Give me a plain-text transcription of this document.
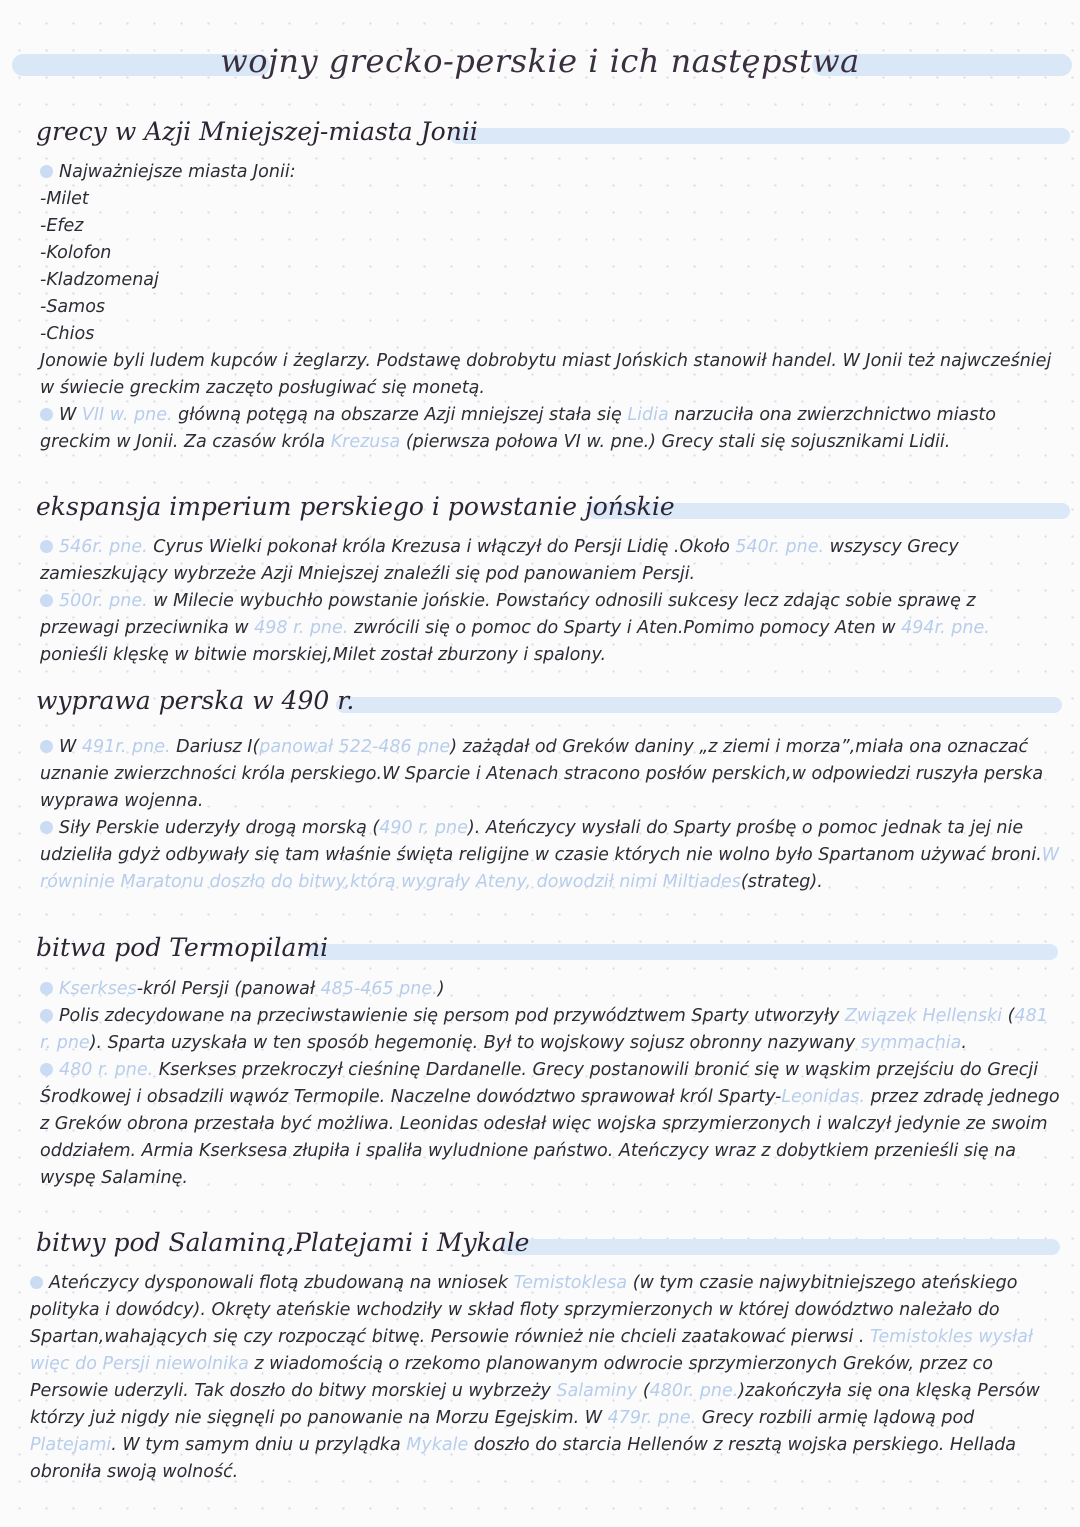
wojny grecko-perskie i ich następstwa
grecy w Azji Mniejszej-miasta Jonii

Najważniejsze miasta Jonii:

-Milet

-Efez

-Kolofon

-Kladzomenaj

-Samos

-Chios

Jonowie byli ludem kupców i żeglarzy. Podstawę dobrobytu miast Jońskich stanowił handel. W Jonii też najwcześniej w świecie greckim zaczęto posługiwać się monetą.

W VII w. pne. główną potęgą na obszarze Azji mniejszej stała się Lidia narzuciła ona zwierzchnictwo miasto greckim w Jonii. Za czasów króla Krezusa (pierwsza połowa VI w. pne.) Grecy stali się sojusznikami Lidii.

ekspansja imperium perskiego i powstanie jońskie

546r. pne. Cyrus Wielki pokonał króla Krezusa i włączył do Persji Lidię .Około 540r. pne. wszyscy Grecy zamieszkujący wybrzeże Azji Mniejszej znaleźli się pod panowaniem Persji.

500r. pne. w Milecie wybuchło powstanie jońskie. Powstańcy odnosili sukcesy lecz zdając sobie sprawę z przewagi przeciwnika w 498 r. pne. zwrócili się o pomoc do Sparty i Aten.Pomimo pomocy Aten w 494r. pne. ponieśli klęskę w bitwie morskiej,Milet został zburzony i spalony.

wyprawa perska w 490 r.

W 491r. pne. Dariusz I(panował 522-486 pne) zażądał od Greków daniny „z ziemi i morza”,miała ona oznaczać uznanie zwierzchności króla perskiego.W Sparcie i Atenach stracono posłów perskich,w odpowiedzi ruszyła perska wyprawa wojenna.

Siły Perskie uderzyły drogą morską (490 r. pne). Ateńczycy wysłali do Sparty prośbę o pomoc jednak ta jej nie udzieliła gdyż odbywały się tam właśnie święta religijne w czasie których nie wolno było Spartanom używać broni.W równinie Maratonu doszło do bitwy,którą wygrały Ateny, dowodził nimi Miltiades(strateg).

bitwa pod Termopilami

Kserkses-król Persji (panował 485-465 pne.)

Polis zdecydowane na przeciwstawienie się persom pod przywództwem Sparty utworzyły Związek Hellenski (481 r. pne). Sparta uzyskała w ten sposób hegemonię. Był to wojskowy sojusz obronny nazywany symmachia.

480 r. pne. Kserkses przekroczył cieśninę Dardanelle. Grecy postanowili bronić się w wąskim przejściu do Grecji Środkowej i obsadzili wąwóz Termopile. Naczelne dowództwo sprawował król Sparty-Leonidas. przez zdradę jednego z Greków obrona przestała być możliwa. Leonidas odesłał więc wojska sprzymierzonych i walczył jedynie ze swoim oddziałem. Armia Kserksesa złupiła i spaliła wyludnione państwo. Ateńczycy wraz z dobytkiem przenieśli się na wyspę Salaminę.

bitwy pod Salaminą,Platejami i Mykale

Ateńczycy dysponowali flotą zbudowaną na wniosek Temistoklesa (w tym czasie najwybitniejszego ateńskiego polityka i dowódcy). Okręty ateńskie wchodziły w skład floty sprzymierzonych w której dowództwo należało do Spartan,wahających się czy rozpocząć bitwę. Persowie również nie chcieli zaatakować pierwsi . Temistokles wysłał więc do Persji niewolnika z wiadomością o rzekomo planowanym odwrocie sprzymierzonych Greków, przez co Persowie uderzyli. Tak doszło do bitwy morskiej u wybrzeży Salaminy (480r. pne.)zakończyła się ona klęską Persów którzy już nigdy nie sięgnęli po panowanie na Morzu Egejskim. W 479r. pne. Grecy rozbili armię lądową pod Platejami. W tym samym dniu u przylądka Mykale doszło do starcia Hellenów z resztą wojska perskiego. Hellada obroniła swoją wolność.
